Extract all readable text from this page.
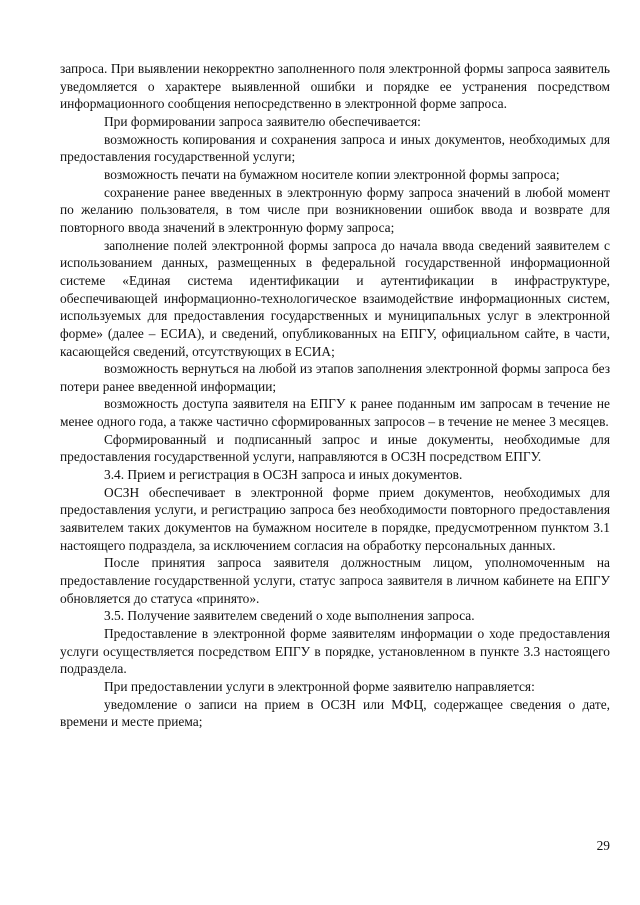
запроса. При выявлении некорректно заполненного поля электронной формы запроса заявитель уведомляется о характере выявленной ошибки и порядке ее устранения посредством информационного сообщения непосредственно в электронной форме запроса.

При формировании запроса заявителю обеспечивается:

возможность копирования и сохранения запроса и иных документов, необходимых для предоставления государственной услуги;

возможность печати на бумажном носителе копии электронной формы запроса;

сохранение ранее введенных в электронную форму запроса значений в любой момент по желанию пользователя, в том числе при возникновении ошибок ввода и возврате для повторного ввода значений в электронную форму запроса;

заполнение полей электронной формы запроса до начала ввода сведений заявителем с использованием данных, размещенных в федеральной государственной информационной системе «Единая система идентификации и аутентификации в инфраструктуре, обеспечивающей информационно-технологическое взаимодействие информационных систем, используемых для предоставления государственных и муниципальных услуг в электронной форме» (далее – ЕСИА), и сведений, опубликованных на ЕПГУ, официальном сайте, в части, касающейся сведений, отсутствующих в ЕСИА;

возможность вернуться на любой из этапов заполнения электронной формы запроса без потери ранее введенной информации;

возможность доступа заявителя на ЕПГУ к ранее поданным им запросам в течение не менее одного года, а также частично сформированных запросов – в течение не менее 3 месяцев.

Сформированный и подписанный запрос и иные документы, необходимые для предоставления государственной услуги, направляются в ОСЗН посредством ЕПГУ.

3.4. Прием и регистрация в ОСЗН запроса и иных документов.

ОСЗН обеспечивает в электронной форме прием документов, необходимых для предоставления услуги, и регистрацию запроса без необходимости повторного предоставления заявителем таких документов на бумажном носителе в порядке, предусмотренном пунктом 3.1 настоящего подраздела, за исключением согласия на обработку персональных данных.

После принятия запроса заявителя должностным лицом, уполномоченным на предоставление государственной услуги, статус запроса заявителя в личном кабинете на ЕПГУ обновляется до статуса «принято».

3.5. Получение заявителем сведений о ходе выполнения запроса.

Предоставление в электронной форме заявителям информации о ходе предоставления услуги осуществляется посредством ЕПГУ в порядке, установленном в пункте 3.3 настоящего подраздела.

При предоставлении услуги в электронной форме заявителю направляется:

уведомление о записи на прием в ОСЗН или МФЦ, содержащее сведения о дате, времени и месте приема;

29
